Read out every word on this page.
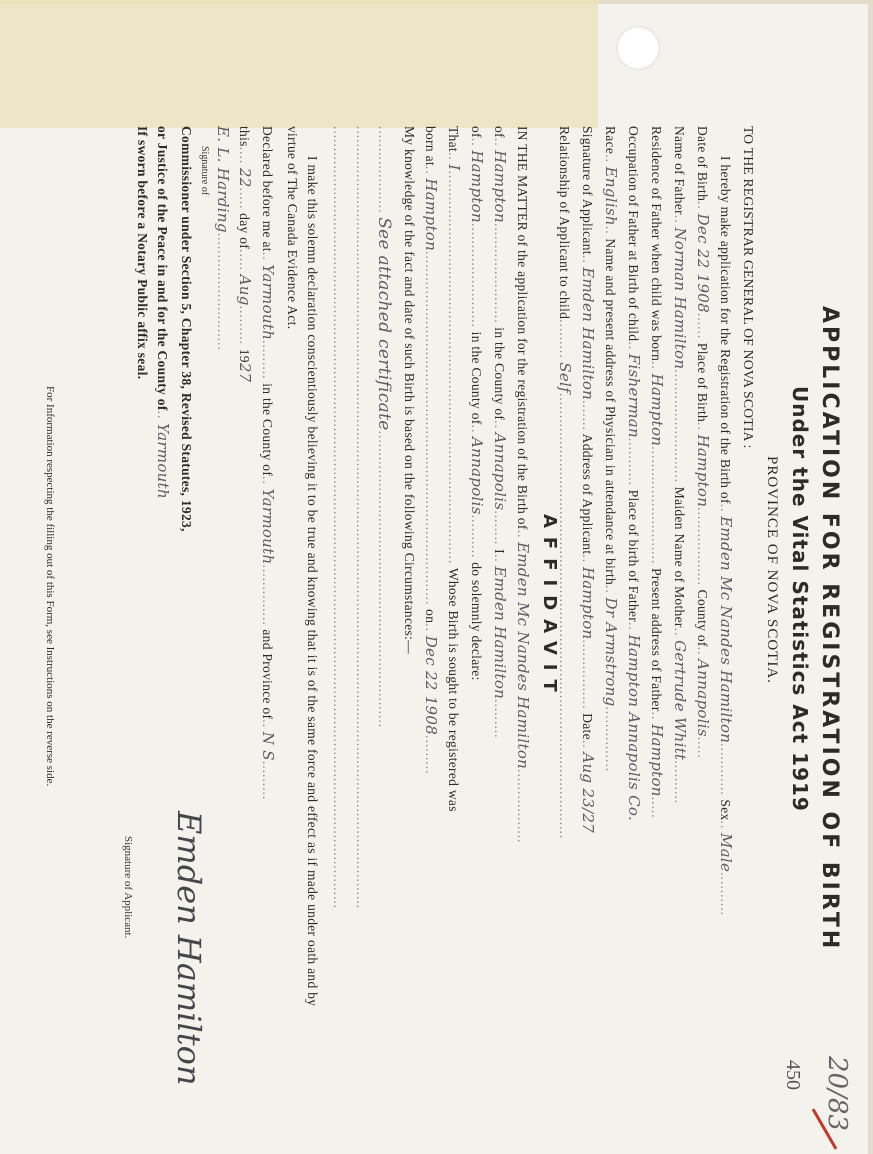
APPLICATION FOR REGISTRATION OF BIRTH
Under the Vital Statistics Act 1919
PROVINCE OF NOVA SCOTIA.
450 20/83
TO THE REGISTRAR GENERAL OF NOVA SCOTIA :
I hereby make application for the Registration of the Birth of.. Emden Mc Nandes Hamilton............ Sex.. Male..........
Date of Birth.. Dec 22 1908...... Place of Birth.. Hampton.................. County of.. Annapolis.....
Name of Father.. Norman Hamilton.......................... Maiden Name of Mother.. Gertrude Whitt..........
Residence of Father when child was born.. Hampton........................... Present address of Father.. Hampton.....
Occupation of Father at Birth of child.. Fisherman........... Place of birth of Father.. Hampton Annapolis Co.
Race.. English.. Name and present address of Physician in attendance at birth.. Dr Armstrong...............
Signature of Applicant.. Emden Hamilton....... Address of Applicant.. Hampton................ Date.. Aug 23/27
Relationship of Applicant to child......... Self......................................................................................................
AFFIDAVIT
IN THE MATTER of the application for the registration of the Birth of.. Emden Mc Nandes Hamilton.................
of.. Hampton....................... in the County of.. Annapolis........ I.. Emden Hamilton.........
of.. Hampton........................ in the County of.. Annapolis.......... do solemnly declare:
That.. I.......................................................................................... Whose Birth is sought to be registered was
born at.. Hampton................................................................................. on.. Dec 22 1908.........
My knowledge of the fact and date of such Birth is based on the following Circumstances:—
.................... See attached certificate....................................................................
...................................................................................................................................................................................
...................................................................................................................................................................................
I make this solemn declaration conscientiously believing it to be true and knowing that it is of the same force and effect as if made under oath and by
virtue of The Canada Evidence Act.
Declared before me at.. Yarmouth......... in the County of.. Yarmouth.............. and Province of.. N S.........
this.... 22..... day of..... Aug......... 1927
E. L. Harding...........................
Signature of
Commissioner under Section 5, Chapter 38, Revised Statutes, 1923,
or Justice of the Peace in and for the County of.. Yarmouth
If sworn before a Notary Public affix seal.
Emden Hamilton
Signature of Applicant.
For Information respecting the filling out of this Form, see Instructions on the reverse side.
